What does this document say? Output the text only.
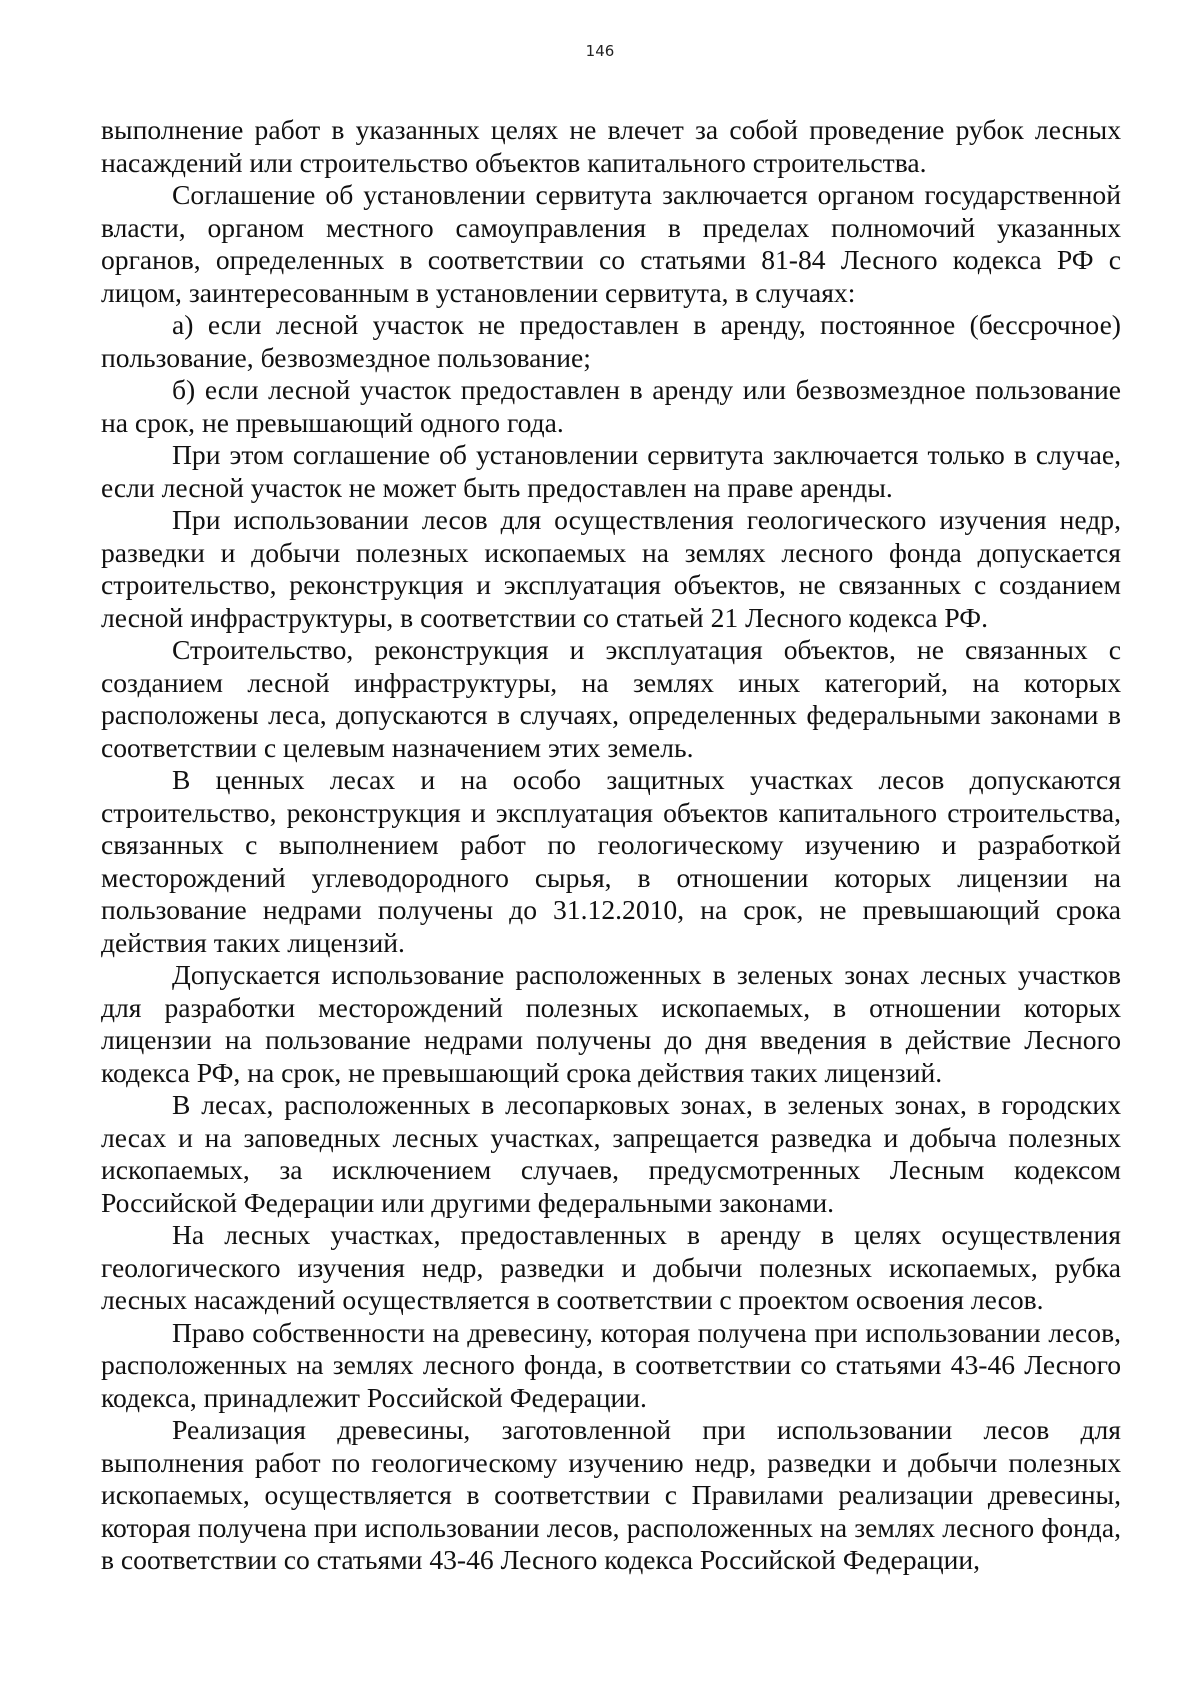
146

выполнение работ в указанных целях не влечет за собой проведение рубок лесных насаждений или строительство объектов капитального строительства.

Соглашение об установлении сервитута заключается органом государственной власти, органом местного самоуправления в пределах полномочий указанных органов, определенных в соответствии со статьями 81-84 Лесного кодекса РФ с лицом, заинтересованным в установлении сервитута, в случаях:

а) если лесной участок не предоставлен в аренду, постоянное (бессрочное) пользование, безвозмездное пользование;

б) если лесной участок предоставлен в аренду или безвозмездное пользование на срок, не превышающий одного года.

При этом соглашение об установлении сервитута заключается только в случае, если лесной участок не может быть предоставлен на праве аренды.

При использовании лесов для осуществления геологического изучения недр, разведки и добычи полезных ископаемых на землях лесного фонда допускается строительство, реконструкция и эксплуатация объектов, не связанных с созданием лесной инфраструктуры, в соответствии со статьей 21 Лесного кодекса РФ.

Строительство, реконструкция и эксплуатация объектов, не связанных с созданием лесной инфраструктуры, на землях иных категорий, на которых расположены леса, допускаются в случаях, определенных федеральными законами в соответствии с целевым назначением этих земель.

В ценных лесах и на особо защитных участках лесов допускаются строительство, реконструкция и эксплуатация объектов капитального строительства, связанных с выполнением работ по геологическому изучению и разработкой месторождений углеводородного сырья, в отношении которых лицензии на пользование недрами получены до 31.12.2010, на срок, не превышающий срока действия таких лицензий.

Допускается использование расположенных в зеленых зонах лесных участков для разработки месторождений полезных ископаемых, в отношении которых лицензии на пользование недрами получены до дня введения в действие Лесного кодекса РФ, на срок, не превышающий срока действия таких лицензий.

В лесах, расположенных в лесопарковых зонах, в зеленых зонах, в городских лесах и на заповедных лесных участках, запрещается разведка и добыча полезных ископаемых, за исключением случаев, предусмотренных Лесным кодексом Российской Федерации или другими федеральными законами.

На лесных участках, предоставленных в аренду в целях осуществления геологического изучения недр, разведки и добычи полезных ископаемых, рубка лесных насаждений осуществляется в соответствии с проектом освоения лесов.

Право собственности на древесину, которая получена при использовании лесов, расположенных на землях лесного фонда, в соответствии со статьями 43-46 Лесного кодекса, принадлежит Российской Федерации.

Реализация древесины, заготовленной при использовании лесов для выполнения работ по геологическому изучению недр, разведки и добычи полезных ископаемых, осуществляется в соответствии с Правилами реализации древесины, которая получена при использовании лесов, расположенных на землях лесного фонда, в соответствии со статьями 43-46 Лесного кодекса Российской Федерации,
